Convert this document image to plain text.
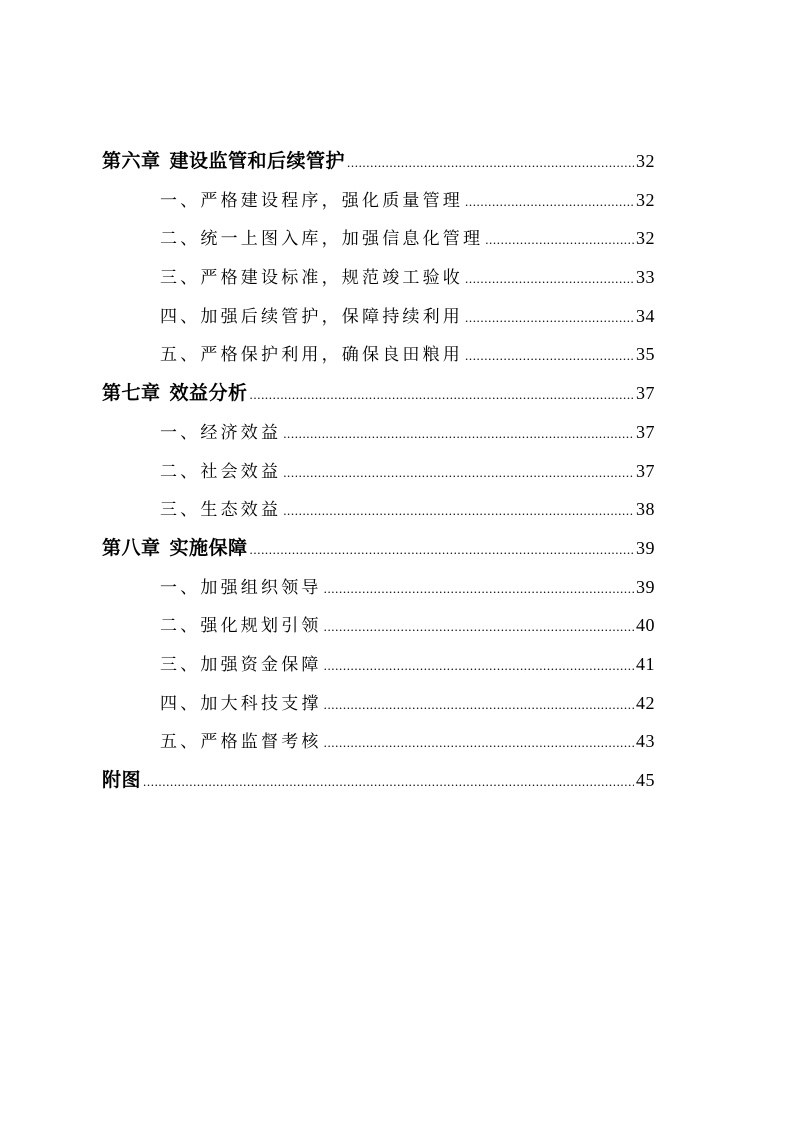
第六章 建设监管和后续管护 .....	32
一、严格建设程序，强化质量管理 .....	32
二、统一上图入库，加强信息化管理 .....	32
三、严格建设标准，规范竣工验收 .....	33
四、加强后续管护，保障持续利用 .....	34
五、严格保护利用，确保良田粮用 .....	35
第七章 效益分析 .....	37
一、经济效益 .....	37
二、社会效益 .....	37
三、生态效益 .....	38
第八章 实施保障 .....	39
一、加强组织领导 .....	39
二、强化规划引领 .....	40
三、加强资金保障 .....	41
四、加大科技支撑 .....	42
五、严格监督考核 .....	43
附图 .....	45
